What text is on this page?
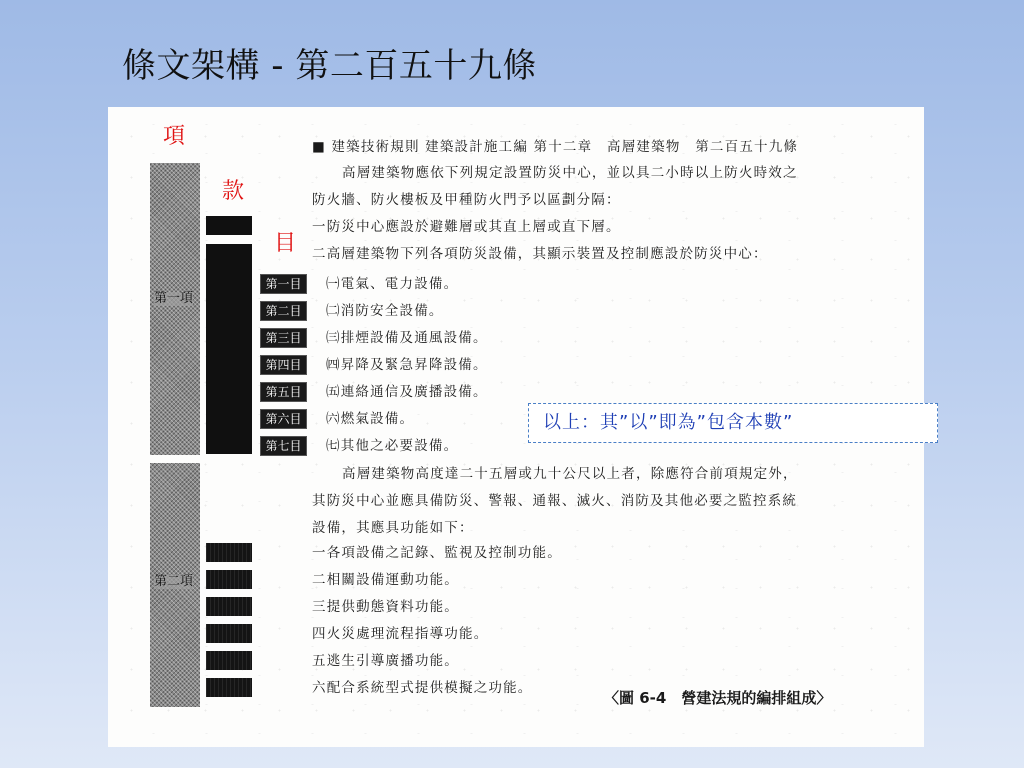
條文架構 - 第二百五十九條
項
款
目
第一項
第二項
第一目
第二目
第三目
第四目
第五目
第六目
第七目
■ 建築技術規則 建築設計施工編 第十二章　高層建築物　第二百五十九條
高層建築物應依下列規定設置防災中心，並以具二小時以上防火時效之
防火牆、防火樓板及甲種防火門予以區劃分隔：
一防災中心應設於避難層或其直上層或直下層。
二高層建築物下列各項防災設備，其顯示裝置及控制應設於防災中心：
㈠電氣、電力設備。
㈡消防安全設備。
㈢排煙設備及通風設備。
㈣昇降及緊急昇降設備。
㈤連絡通信及廣播設備。
㈥燃氣設備。
㈦其他之必要設備。
高層建築物高度達二十五層或九十公尺以上者，除應符合前項規定外，
其防災中心並應具備防災、警報、通報、滅火、消防及其他必要之監控系統
設備，其應具功能如下：
一各項設備之記錄、監視及控制功能。
二相關設備運動功能。
三提供動態資料功能。
四火災處理流程指導功能。
五逃生引導廣播功能。
六配合系統型式提供模擬之功能。
以上：其”以”即為”包含本數”
〈圖 6-4　營建法規的編排組成〉
